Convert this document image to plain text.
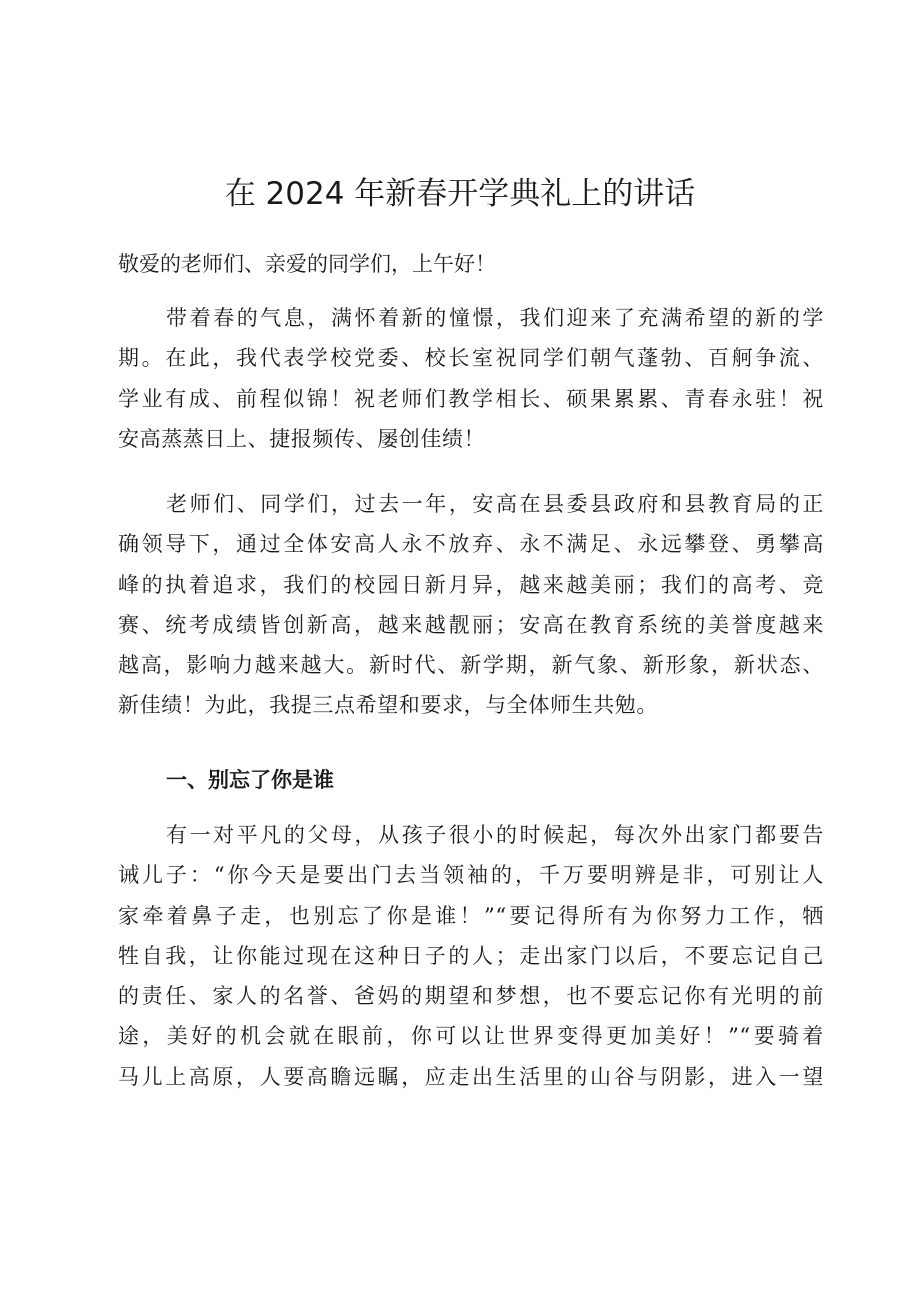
在 2024 年新春开学典礼上的讲话

敬爱的老师们、亲爱的同学们，上午好！

带着春的气息，满怀着新的憧憬，我们迎来了充满希望的新的学
期。在此，我代表学校党委、校长室祝同学们朝气蓬勃、百舸争流、
学业有成、前程似锦！祝老师们教学相长、硕果累累、青春永驻！祝
安高蒸蒸日上、捷报频传、屡创佳绩！
老师们、同学们，过去一年，安高在县委县政府和县教育局的正
确领导下，通过全体安高人永不放弃、永不满足、永远攀登、勇攀高
峰的执着追求，我们的校园日新月异，越来越美丽；我们的高考、竞
赛、统考成绩皆创新高，越来越靓丽；安高在教育系统的美誉度越来
越高，影响力越来越大。新时代、新学期，新气象、新形象，新状态、
新佳绩！为此，我提三点希望和要求，与全体师生共勉。
一、别忘了你是谁
有一对平凡的父母，从孩子很小的时候起，每次外出家门都要告
诫儿子：“你今天是要出门去当领袖的，千万要明辨是非，可别让人
家牵着鼻子走，也别忘了你是谁！”“要记得所有为你努力工作，牺
牲自我，让你能过现在这种日子的人；走出家门以后，不要忘记自己
的责任、家人的名誉、爸妈的期望和梦想，也不要忘记你有光明的前
途，美好的机会就在眼前，你可以让世界变得更加美好！”“要骑着
马儿上高原，人要高瞻远瞩，应走出生活里的山谷与阴影，进入一望
